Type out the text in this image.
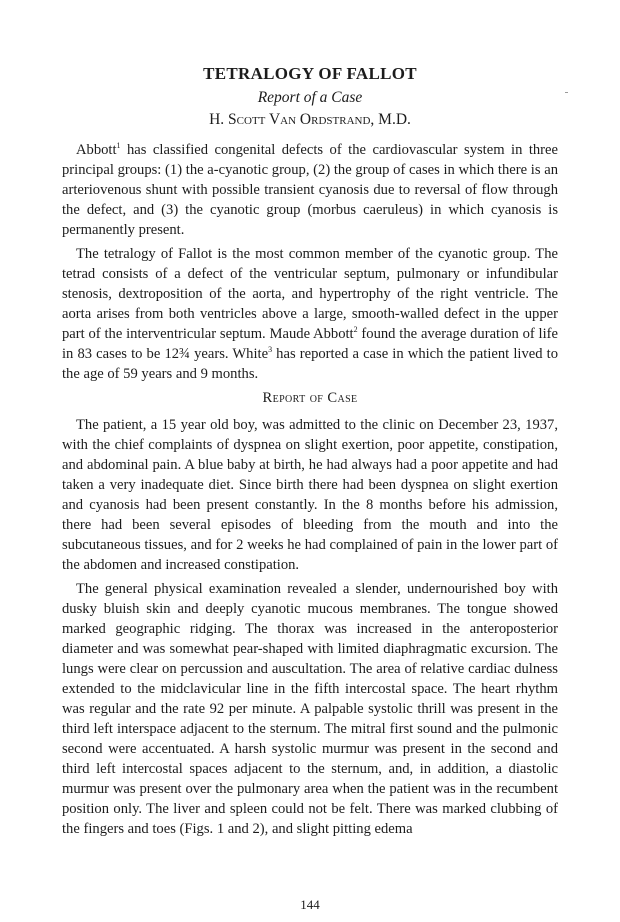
TETRALOGY OF FALLOT
Report of a Case
H. Scott Van Ordstrand, M.D.

Abbott$^1$ has classified congenital defects of the cardiovascular system in three principal groups: (1) the a-cyanotic group, (2) the group of cases in which there is an arteriovenous shunt with possible transient cyanosis due to reversal of flow through the defect, and (3) the cyanotic group (morbus caeruleus) in which cyanosis is permanently present.

The tetralogy of Fallot is the most common member of the cyanotic group. The tetrad consists of a defect of the ventricular septum, pulmonary or infundibular stenosis, dextroposition of the aorta, and hypertrophy of the right ventricle. The aorta arises from both ventricles above a large, smooth-walled defect in the upper part of the interventricular septum. Maude Abbott$^2$ found the average duration of life in 83 cases to be 12¾ years. White$^3$ has reported a case in which the patient lived to the age of 59 years and 9 months.

Report of Case

The patient, a 15 year old boy, was admitted to the clinic on December 23, 1937, with the chief complaints of dyspnea on slight exertion, poor appetite, constipation, and abdominal pain. A blue baby at birth, he had always had a poor appetite and had taken a very inadequate diet. Since birth there had been dyspnea on slight exertion and cyanosis had been present constantly. In the 8 months before his admission, there had been several episodes of bleeding from the mouth and into the subcutaneous tissues, and for 2 weeks he had complained of pain in the lower part of the abdomen and increased constipation.

The general physical examination revealed a slender, undernourished boy with dusky bluish skin and deeply cyanotic mucous membranes. The tongue showed marked geographic ridging. The thorax was increased in the anteroposterior diameter and was somewhat pear-shaped with limited diaphragmatic excursion. The lungs were clear on percussion and auscultation. The area of relative cardiac dulness extended to the midclavicular line in the fifth intercostal space. The heart rhythm was regular and the rate 92 per minute. A palpable systolic thrill was present in the third left interspace adjacent to the sternum. The mitral first sound and the pulmonic second were accentuated. A harsh systolic murmur was present in the second and third left intercostal spaces adjacent to the sternum, and, in addition, a diastolic murmur was present over the pulmonary area when the patient was in the recumbent position only. The liver and spleen could not be felt. There was marked clubbing of the fingers and toes (Figs. 1 and 2), and slight pitting edema

144
